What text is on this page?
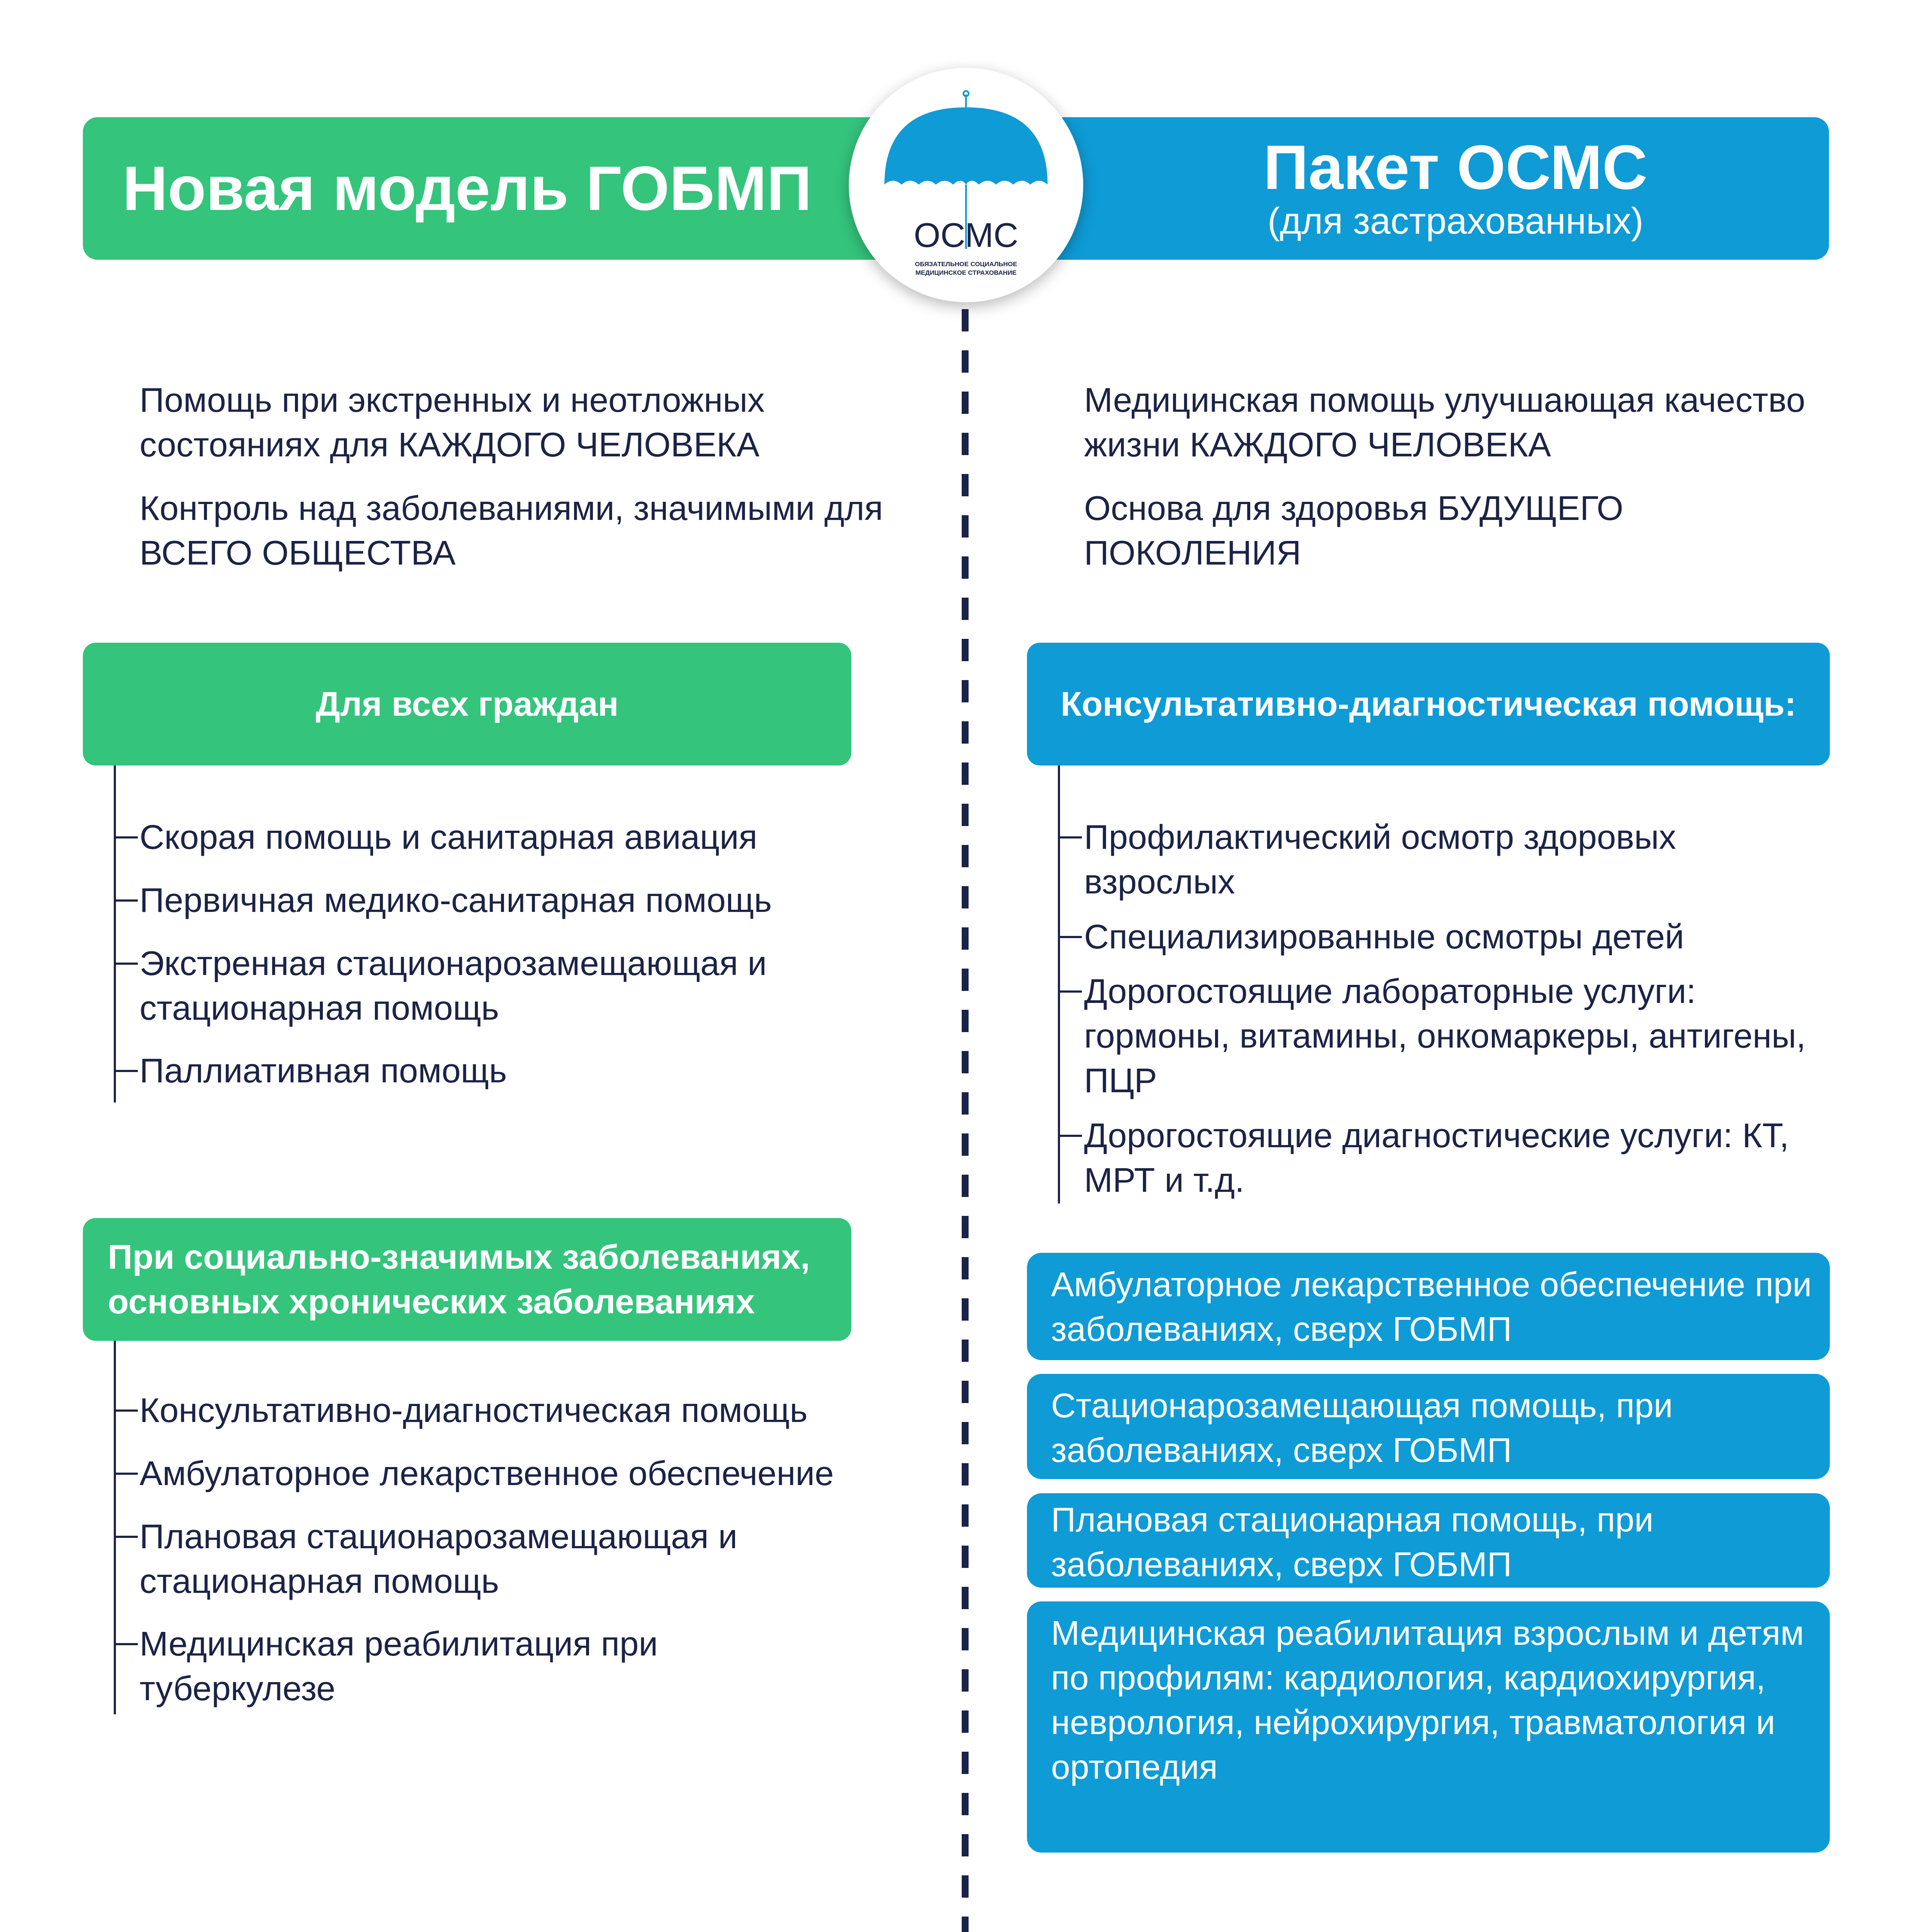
Новая модель ГОБМП	Пакет ОСМС
(для застрахованных)
ОСМС
ОБЯЗАТЕЛЬНОЕ СОЦИАЛЬНОЕ
МЕДИЦИНСКОЕ СТРАХОВАНИЕ

Помощь при экстренных и неотложных состояниях для КАЖДОГО ЧЕЛОВЕКА

Контроль над заболеваниями, значимыми для ВСЕГО ОБЩЕСТВА

Медицинская помощь улучшающая качество жизни КАЖДОГО ЧЕЛОВЕКА

Основа для здоровья БУДУЩЕГО ПОКОЛЕНИЯ

Для всех граждан
Скорая помощь и санитарная авиация
Первичная медико-санитарная помощь
Экстренная стационарозамещающая и стационарная помощь
Паллиативная помощь
При социально-значимых заболеваниях, основных хронических заболеваниях
Консультативно-диагностическая помощь
Амбулаторное лекарственное обеспечение
Плановая стационарозамещающая и стационарная помощь
Медицинская реабилитация при туберкулезе
Консультативно-диагностическая помощь:
Профилактический осмотр здоровых взрослых
Специализированные осмотры детей
Дорогостоящие лабораторные услуги: гормоны, витамины, онкомаркеры, антигены, ПЦР
Дорогостоящие диагностические услуги: КТ, МРТ и т.д.
Амбулаторное лекарственное обеспечение при заболеваниях, сверх ГОБМП
Стационарозамещающая помощь, при заболеваниях, сверх ГОБМП
Плановая стационарная помощь, при заболеваниях, сверх ГОБМП
Медицинская реабилитация взрослым и детям по профилям: кардиология, кардиохирургия, неврология, нейрохирургия, травматология и ортопедия
